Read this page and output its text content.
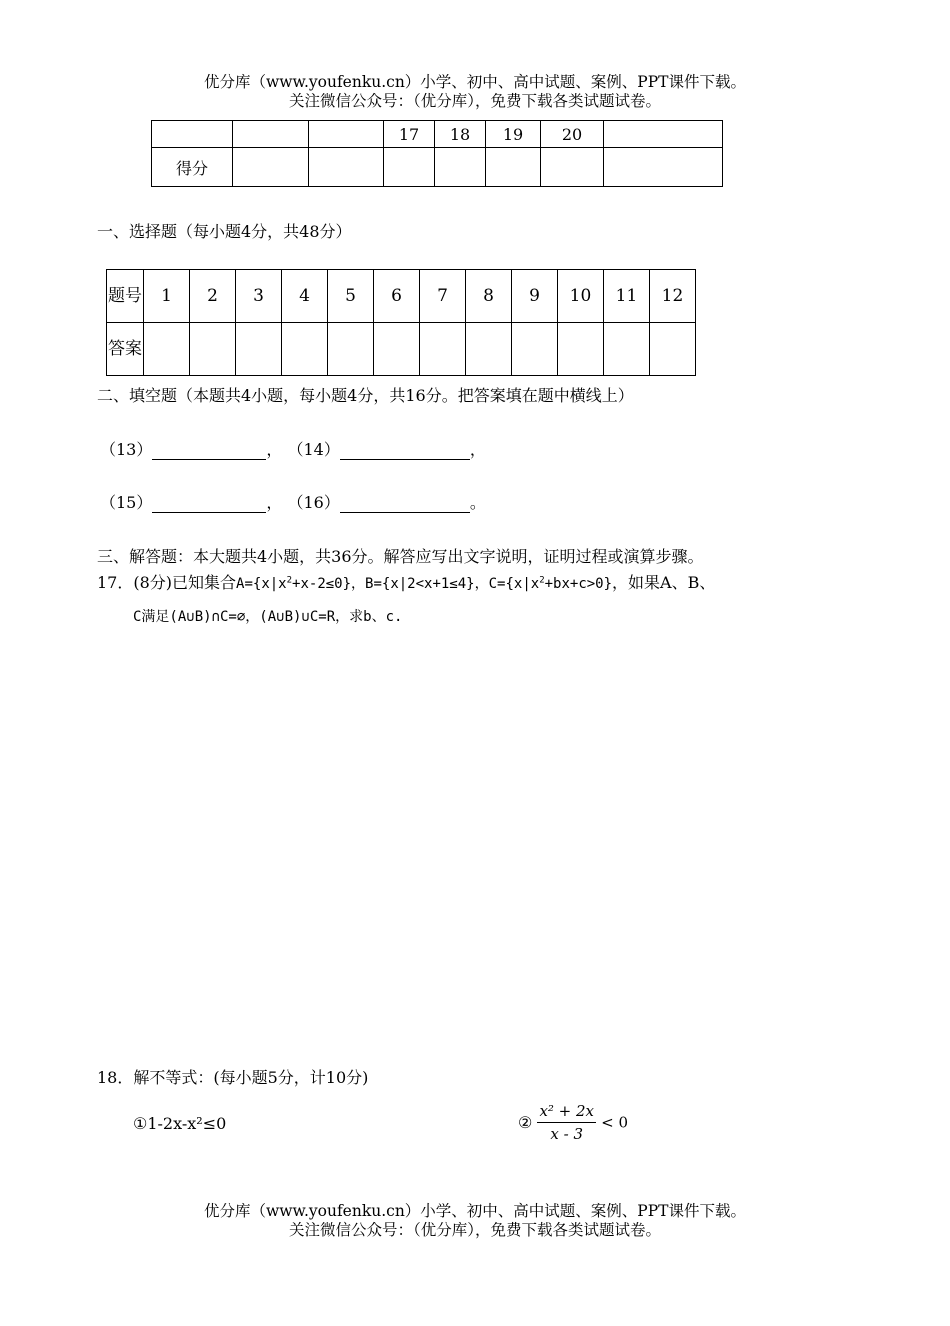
优分库（www.youfenku.cn）小学、初中、高中试题、案例、PPT课件下载。
关注微信公众号：（优分库），免费下载各类试题试卷。
			17	18	19	20	
得分							
一、选择题（每小题4分，共48分）
题号	1	2	3	4	5	6	7	8	9	10	11	12
答案												
二、填空题（本题共4小题，每小题4分，共16分。把答案填在题中横线上）
（13）	， （14）	，
（15）	， （16）	。
三、解答题：本大题共4小题，共36分。解答应写出文字说明，证明过程或演算步骤。
17．(8分)已知集合$A=\{x|x^2+x-2\le 0\}$，B={x|2<x+1≤4}，$C=\{x|x^2+bx+c>0\}$，如果A、B、
C满足(A∪B)∩C=∅，(A∪B)∪C=R，求b、c.
18．解不等式：(每小题5分，计10分)
①1-2x-x²≤0	② $\frac{\text{x² + 2x}}{x - 3} < 0$
优分库（www.youfenku.cn）小学、初中、高中试题、案例、PPT课件下载。
关注微信公众号：（优分库），免费下载各类试题试卷。
